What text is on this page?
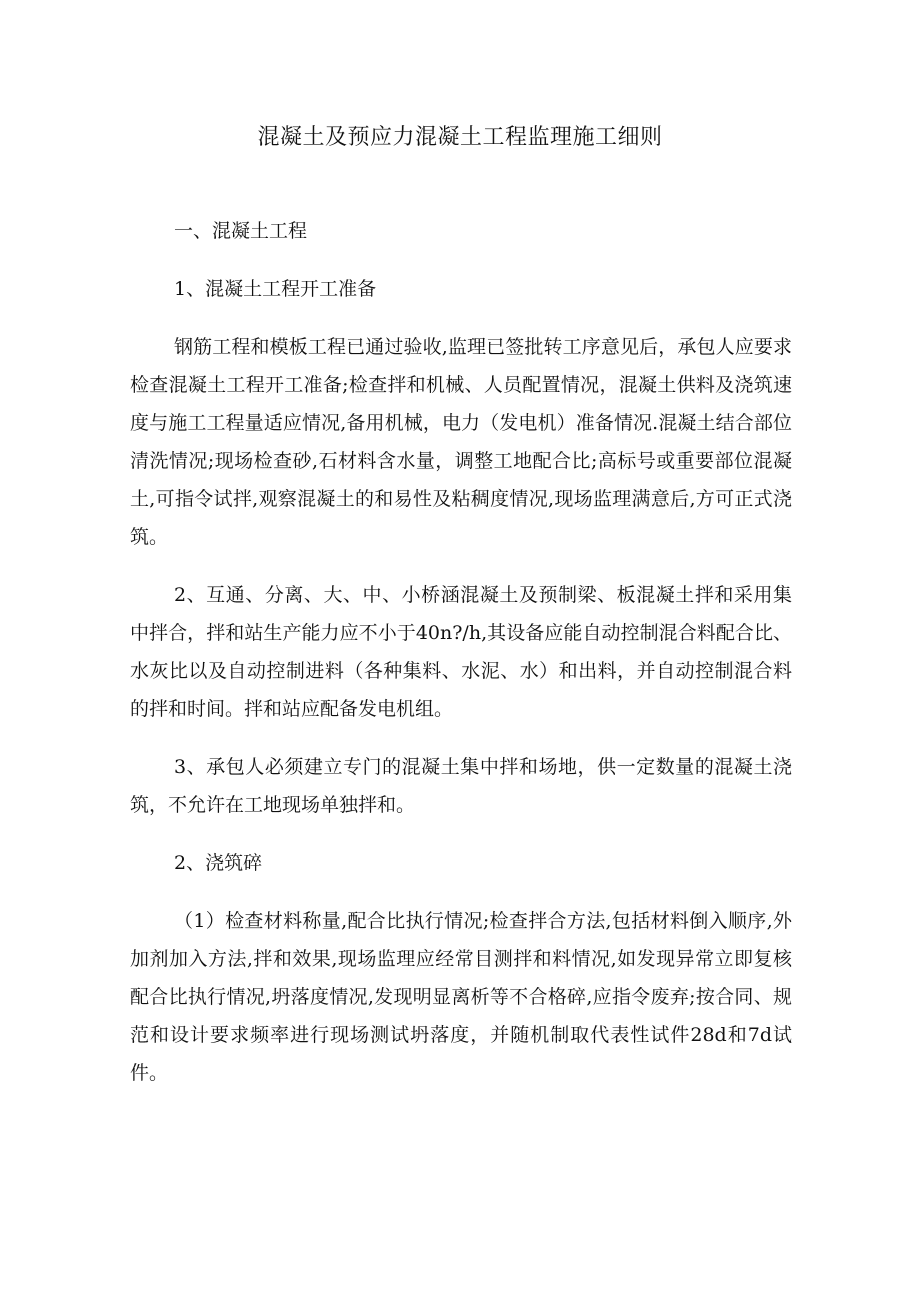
混凝土及预应力混凝土工程监理施工细则

一、混凝土工程

1、混凝土工程开工准备

钢筋工程和模板工程已通过验收,监理已签批转工序意见后，承包人应要求检查混凝土工程开工准备;检查拌和机械、人员配置情况，混凝土供料及浇筑速度与施工工程量适应情况,备用机械，电力（发电机）准备情况.混凝土结合部位清洗情况;现场检查砂,石材料含水量，调整工地配合比;高标号或重要部位混凝土,可指令试拌,观察混凝土的和易性及粘稠度情况,现场监理满意后,方可正式浇筑。

2、互通、分离、大、中、小桥涵混凝土及预制梁、板混凝土拌和采用集中拌合，拌和站生产能力应不小于40n?/h,其设备应能自动控制混合料配合比、水灰比以及自动控制进料（各种集料、水泥、水）和出料，并自动控制混合料的拌和时间。拌和站应配备发电机组。

3、承包人必须建立专门的混凝土集中拌和场地，供一定数量的混凝土浇筑，不允许在工地现场单独拌和。

2、浇筑碎

（1）检查材料称量,配合比执行情况;检查拌合方法,包括材料倒入顺序,外加剂加入方法,拌和效果,现场监理应经常目测拌和料情况,如发现异常立即复核配合比执行情况,坍落度情况,发现明显离析等不合格碎,应指令废弃;按合同、规范和设计要求频率进行现场测试坍落度，并随机制取代表性试件28d和7d试件。
